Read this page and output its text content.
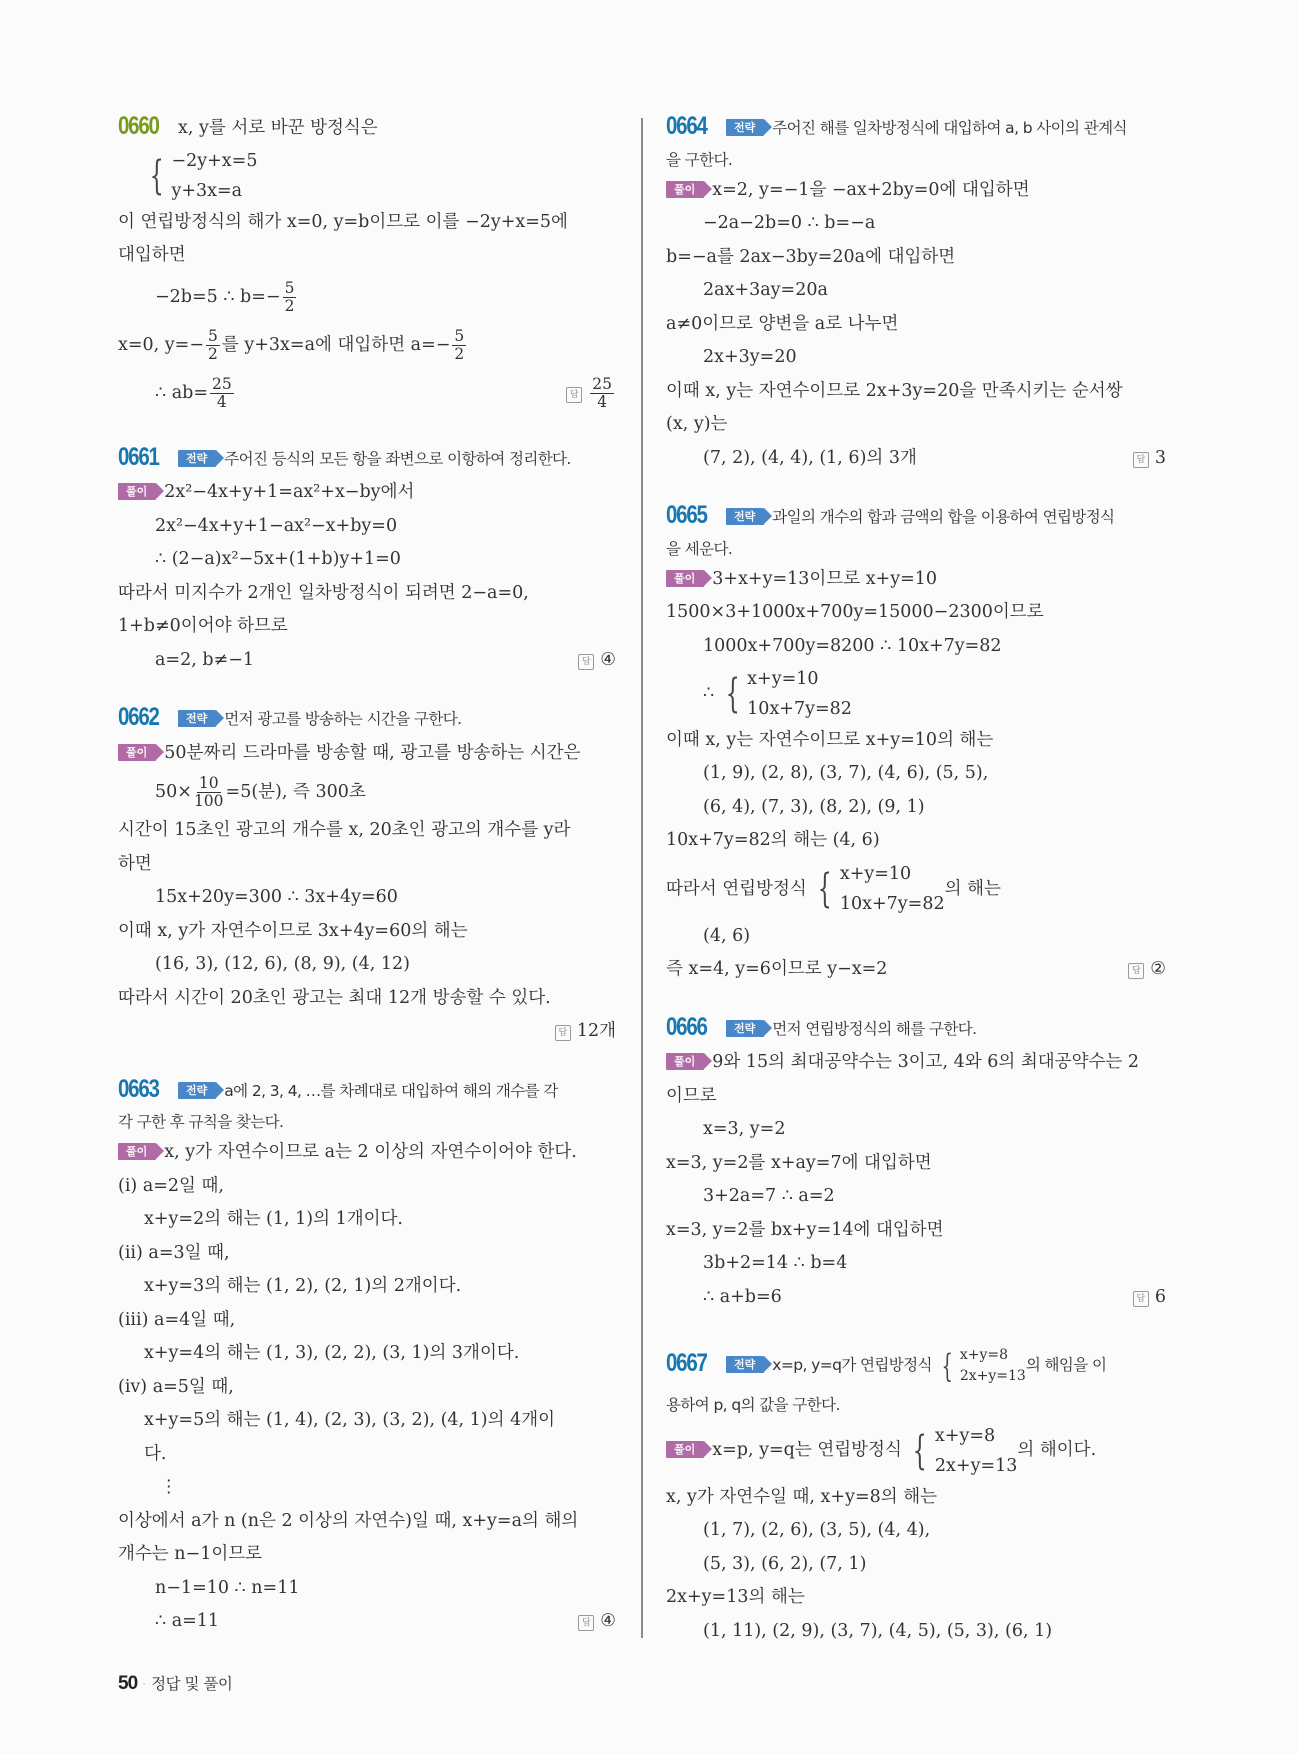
0660 x, y를 서로 바꾼 방정식은
{ −2y+x=5
y+3x=a
이 연립방정식의 해가 x=0, y=b이므로 이를 −2y+x=5에
대입하면
−2b=5 ∴ $b=- \frac{5}{2}$
x=0, $y=- \frac{5}{2}$ 를 y+3x=a에 대입하면 $a=- \frac{5}{2}$
∴ $ab= \frac{25}{4}$	답 $\frac{25}{4}$
0661 전략 주어진 등식의 모든 항을 좌변으로 이항하여 정리한다.
풀이 2x²−4x+y+1=ax²+x−by에서
2x²−4x+y+1−ax²−x+by=0
∴ (2−a)x²−5x+(1+b)y+1=0
따라서 미지수가 2개인 일차방정식이 되려면 2−a=0,
1+b≠0이어야 하므로
a=2, b≠−1	답 ④
0662 전략 먼저 광고를 방송하는 시간을 구한다.
풀이 50분짜리 드라마를 방송할 때, 광고를 방송하는 시간은
$50\times \frac{10}{100} =5$(분), 즉 300초
시간이 15초인 광고의 개수를 x, 20초인 광고의 개수를 y라
하면
15x+20y=300 ∴ 3x+4y=60
이때 x, y가 자연수이므로 3x+4y=60의 해는
(16, 3), (12, 6), (8, 9), (4, 12)
따라서 시간이 20초인 광고는 최대 12개 방송할 수 있다.
답 12개

0663 전략 a에 2, 3, 4, …를 차례대로 대입하여 해의 개수를 각
각 구한 후 규칙을 찾는다.
풀이 x, y가 자연수이므로 a는 2 이상의 자연수이어야 한다.
(i) a=2일 때,
x+y=2의 해는 (1, 1)의 1개이다.
(ii) a=3일 때,
x+y=3의 해는 (1, 2), (2, 1)의 2개이다.
(iii) a=4일 때,
x+y=4의 해는 (1, 3), (2, 2), (3, 1)의 3개이다.
(iv) a=5일 때,
x+y=5의 해는 (1, 4), (2, 3), (3, 2), (4, 1)의 4개이
다.
⋮
이상에서 a가 n (n은 2 이상의 자연수)일 때, x+y=a의 해의
개수는 n−1이므로
n−1=10 ∴ n=11
∴ a=11	답 ④
0664 전략 주어진 해를 일차방정식에 대입하여 a, b 사이의 관계식
을 구한다.
풀이 x=2, y=−1을 −ax+2by=0에 대입하면
−2a−2b=0 ∴ b=−a
b=−a를 2ax−3by=20a에 대입하면
2ax+3ay=20a
a≠0이므로 양변을 a로 나누면
2x+3y=20
이때 x, y는 자연수이므로 2x+3y=20을 만족시키는 순서쌍
(x, y)는
(7, 2), (4, 4), (1, 6)의 3개	답 3
0665 전략 과일의 개수의 합과 금액의 합을 이용하여 연립방정식
을 세운다.
풀이 3+x+y=13이므로 x+y=10
1500×3+1000x+700y=15000−2300이므로
1000x+700y=8200 ∴ 10x+7y=82
∴ { x+y=10
10x+7y=82
이때 x, y는 자연수이므로 x+y=10의 해는
(1, 9), (2, 8), (3, 7), (4, 6), (5, 5),
(6, 4), (7, 3), (8, 2), (9, 1)
10x+7y=82의 해는 (4, 6)
따라서 연립방정식 { x+y=10
10x+7y=82
의 해는
(4, 6)
즉 x=4, y=6이므로 y−x=2	답 ②
0666 전략 먼저 연립방정식의 해를 구한다.
풀이 9와 15의 최대공약수는 3이고, 4와 6의 최대공약수는 2
이므로
x=3, y=2
x=3, y=2를 x+ay=7에 대입하면
3+2a=7 ∴ a=2
x=3, y=2를 bx+y=14에 대입하면
3b+2=14 ∴ b=4
∴ a+b=6	답 6
0667 전략 x=p, y=q가 연립방정식 { x+y=8
2x+y=13
의 해임을 이
용하여 p, q의 값을 구한다.
풀이 x=p, y=q는 연립방정식 { x+y=8
2x+y=13
의 해이다.
x, y가 자연수일 때, x+y=8의 해는
(1, 7), (2, 6), (3, 5), (4, 4),
(5, 3), (6, 2), (7, 1)
2x+y=13의 해는
(1, 11), (2, 9), (3, 7), (4, 5), (5, 3), (6, 1)
50 · 정답 및 풀이
